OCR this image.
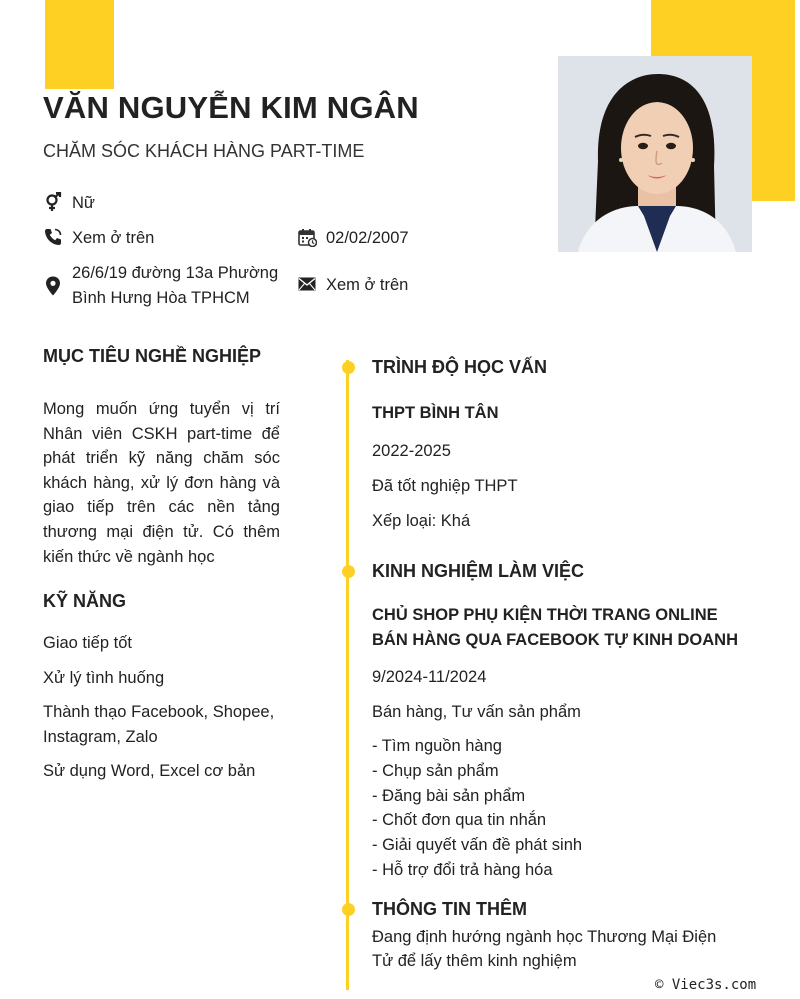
VĂN NGUYỄN KIM NGÂN
CHĂM SÓC KHÁCH HÀNG PART-TIME
Nữ
Xem ở trên	02/02/2007
26/6/19 đường 13a Phường
Bình Hưng Hòa TPHCM
Xem ở trên
MỤC TIÊU NGHỀ NGHIỆP
Mong muốn ứng tuyển vị trí
Nhân viên CSKH part-time để
phát triển kỹ năng chăm sóc
khách hàng, xử lý đơn hàng và
giao tiếp trên các nền tảng
thương mại điện tử. Có thêm
kiến thức về ngành học
KỸ NĂNG
Giao tiếp tốt
Xử lý tình huống
Thành thạo Facebook, Shopee, Instagram, Zalo
Sử dụng Word, Excel cơ bản
TRÌNH ĐỘ HỌC VẤN
THPT BÌNH TÂN
2022-2025
Đã tốt nghiệp THPT
Xếp loại: Khá
KINH NGHIỆM LÀM VIỆC
CHỦ SHOP PHỤ KIỆN THỜI TRANG ONLINE
BÁN HÀNG QUA FACEBOOK TỰ KINH DOANH
9/2024-11/2024
Bán hàng, Tư vấn sản phẩm
- Tìm nguồn hàng
- Chụp sản phẩm
- Đăng bài sản phẩm
- Chốt đơn qua tin nhắn
- Giải quyết vấn đề phát sinh
- Hỗ trợ đổi trả hàng hóa
THÔNG TIN THÊM
Đang định hướng ngành học Thương Mại Điện
Tử để lấy thêm kinh nghiệm
© Viec3s.com
